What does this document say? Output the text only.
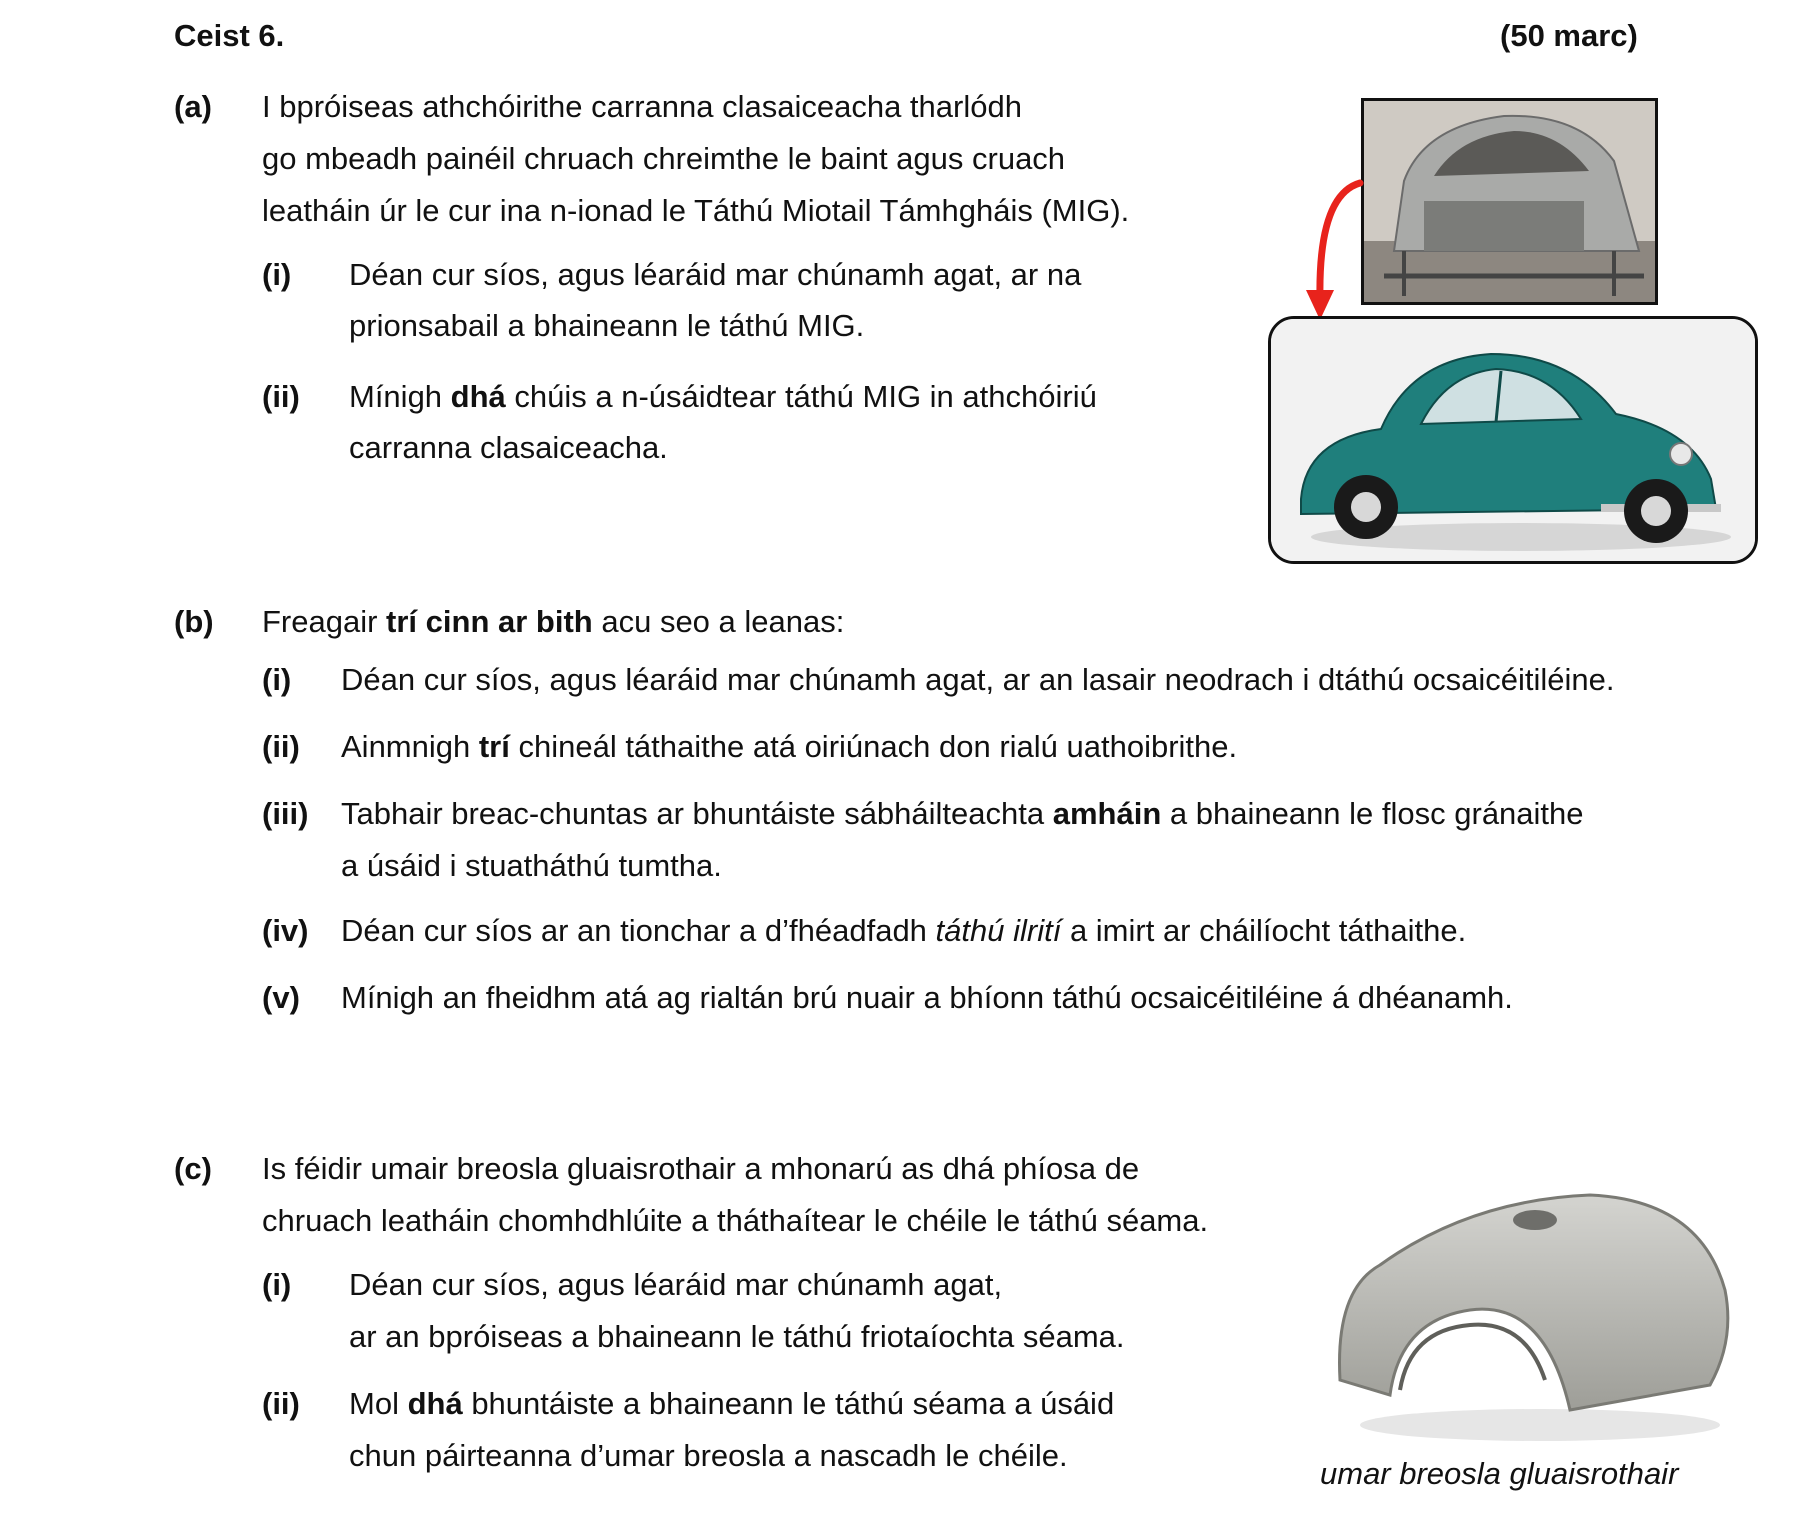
Ceist 6.	(50 marc)
(a) I bpróiseas athchóirithe carranna clasaiceacha tharlódh
go mbeadh painéil chruach chreimthe le baint agus cruach
leatháin úr le cur ina n-ionad le Táthú Miotail Támhgháis (MIG).
(i) Déan cur síos, agus léaráid mar chúnamh agat, ar na
prionsabail a bhaineann le táthú MIG.
(ii) Mínigh dhá chúis a n-úsáidtear táthú MIG in athchóiriú
carranna clasaiceacha.
(b) Freagair trí cinn ar bith acu seo a leanas:
(i) Déan cur síos, agus léaráid mar chúnamh agat, ar an lasair neodrach i dtáthú ocsaicéitiléine.
(ii) Ainmnigh trí chineál táthaithe atá oiriúnach don rialú uathoibrithe.
(iii) Tabhair breac-chuntas ar bhuntáiste sábháilteachta amháin a bhaineann le flosc gránaithe
a úsáid i stuatháthú tumtha.
(iv) Déan cur síos ar an tionchar a d’fhéadfadh táthú ilrití a imirt ar cháilíocht táthaithe.
(v) Mínigh an fheidhm atá ag rialtán brú nuair a bhíonn táthú ocsaicéitiléine á dhéanamh.
(c) Is féidir umair breosla gluaisrothair a mhonarú as dhá phíosa de
chruach leatháin chomhdhlúite a tháthaítear le chéile le táthú séama.
(i) Déan cur síos, agus léaráid mar chúnamh agat,
ar an bpróiseas a bhaineann le táthú friotaíochta séama.
(ii) Mol dhá bhuntáiste a bhaineann le táthú séama a úsáid
chun páirteanna d’umar breosla a nascadh le chéile.
umar breosla gluaisrothair
